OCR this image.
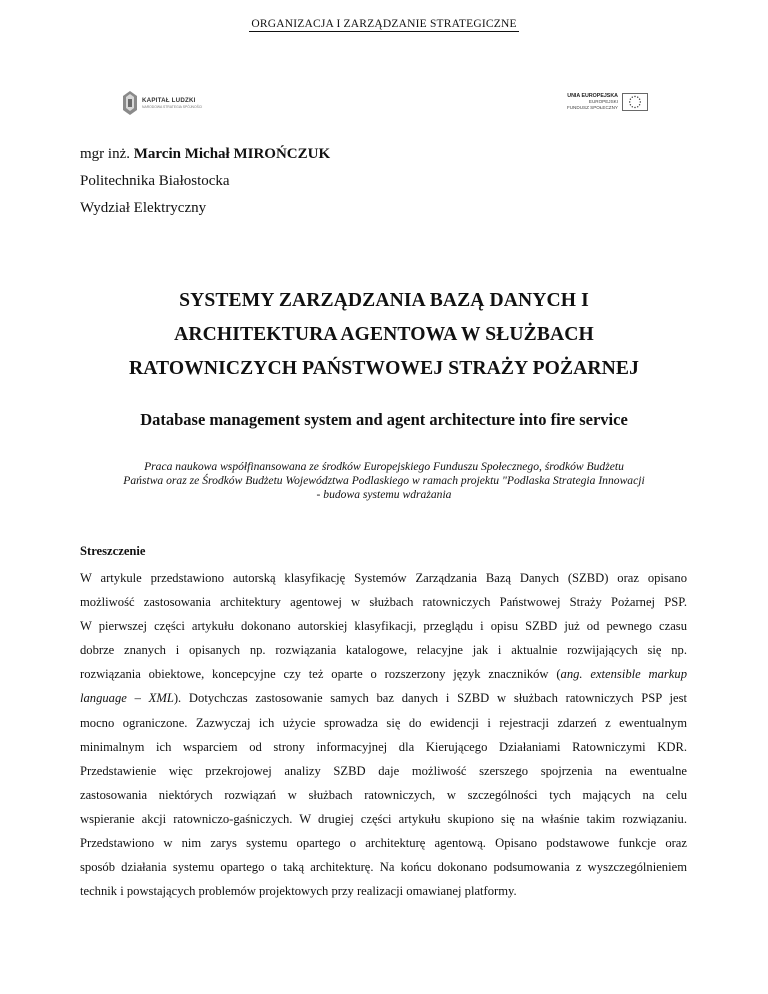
ORGANIZACJA I ZARZĄDZANIE STRATEGICZNE
KAPITAŁ LUDZKI
NARODOWA STRATEGIA SPÓJNOŚCI
UNIA EUROPEJSKA
EUROPEJSKI
FUNDUSZ SPOŁECZNY
mgr inż. Marcin Michał MIROŃCZUK
Politechnika Białostocka
Wydział Elektryczny
SYSTEMY ZARZĄDZANIA BAZĄ DANYCH I
ARCHITEKTURA AGENTOWA W SŁUŻBACH
RATOWNICZYCH PAŃSTWOWEJ STRAŻY POŻARNEJ
Database management system and agent architecture into fire service
Praca naukowa współfinansowana ze środków Europejskiego Funduszu Społecznego, środków Budżetu
Państwa oraz ze Środków Budżetu Województwa Podlaskiego w ramach projektu "Podlaska Strategia Innowacji
- budowa systemu wdrażania
Streszczenie
W artykule przedstawiono autorską klasyfikację Systemów Zarządzania Bazą Danych (SZBD) oraz opisano
możliwość zastosowania architektury agentowej w służbach ratowniczych Państwowej Straży Pożarnej PSP.
W pierwszej części artykułu dokonano autorskiej klasyfikacji, przeglądu i opisu SZBD już od pewnego czasu
dobrze znanych i opisanych np. rozwiązania katalogowe, relacyjne jak i aktualnie rozwijających się np.
rozwiązania obiektowe, koncepcyjne czy też oparte o rozszerzony język znaczników (ang. extensible markup
language – XML). Dotychczas zastosowanie samych baz danych i SZBD w służbach ratowniczych PSP jest
mocno ograniczone. Zazwyczaj ich użycie sprowadza się do ewidencji i rejestracji zdarzeń z ewentualnym
minimalnym ich wsparciem od strony informacyjnej dla Kierującego Działaniami Ratowniczymi KDR.
Przedstawienie więc przekrojowej analizy SZBD daje możliwość szerszego spojrzenia na ewentualne
zastosowania niektórych rozwiązań w służbach ratowniczych, w szczególności tych mających na celu
wspieranie akcji ratowniczo-gaśniczych. W drugiej części artykułu skupiono się na właśnie takim rozwiązaniu.
Przedstawiono w nim zarys systemu opartego o architekturę agentową. Opisano podstawowe funkcje oraz
sposób działania systemu opartego o taką architekturę. Na końcu dokonano podsumowania z wyszczególnieniem
technik i powstających problemów projektowych przy realizacji omawianej platformy.
